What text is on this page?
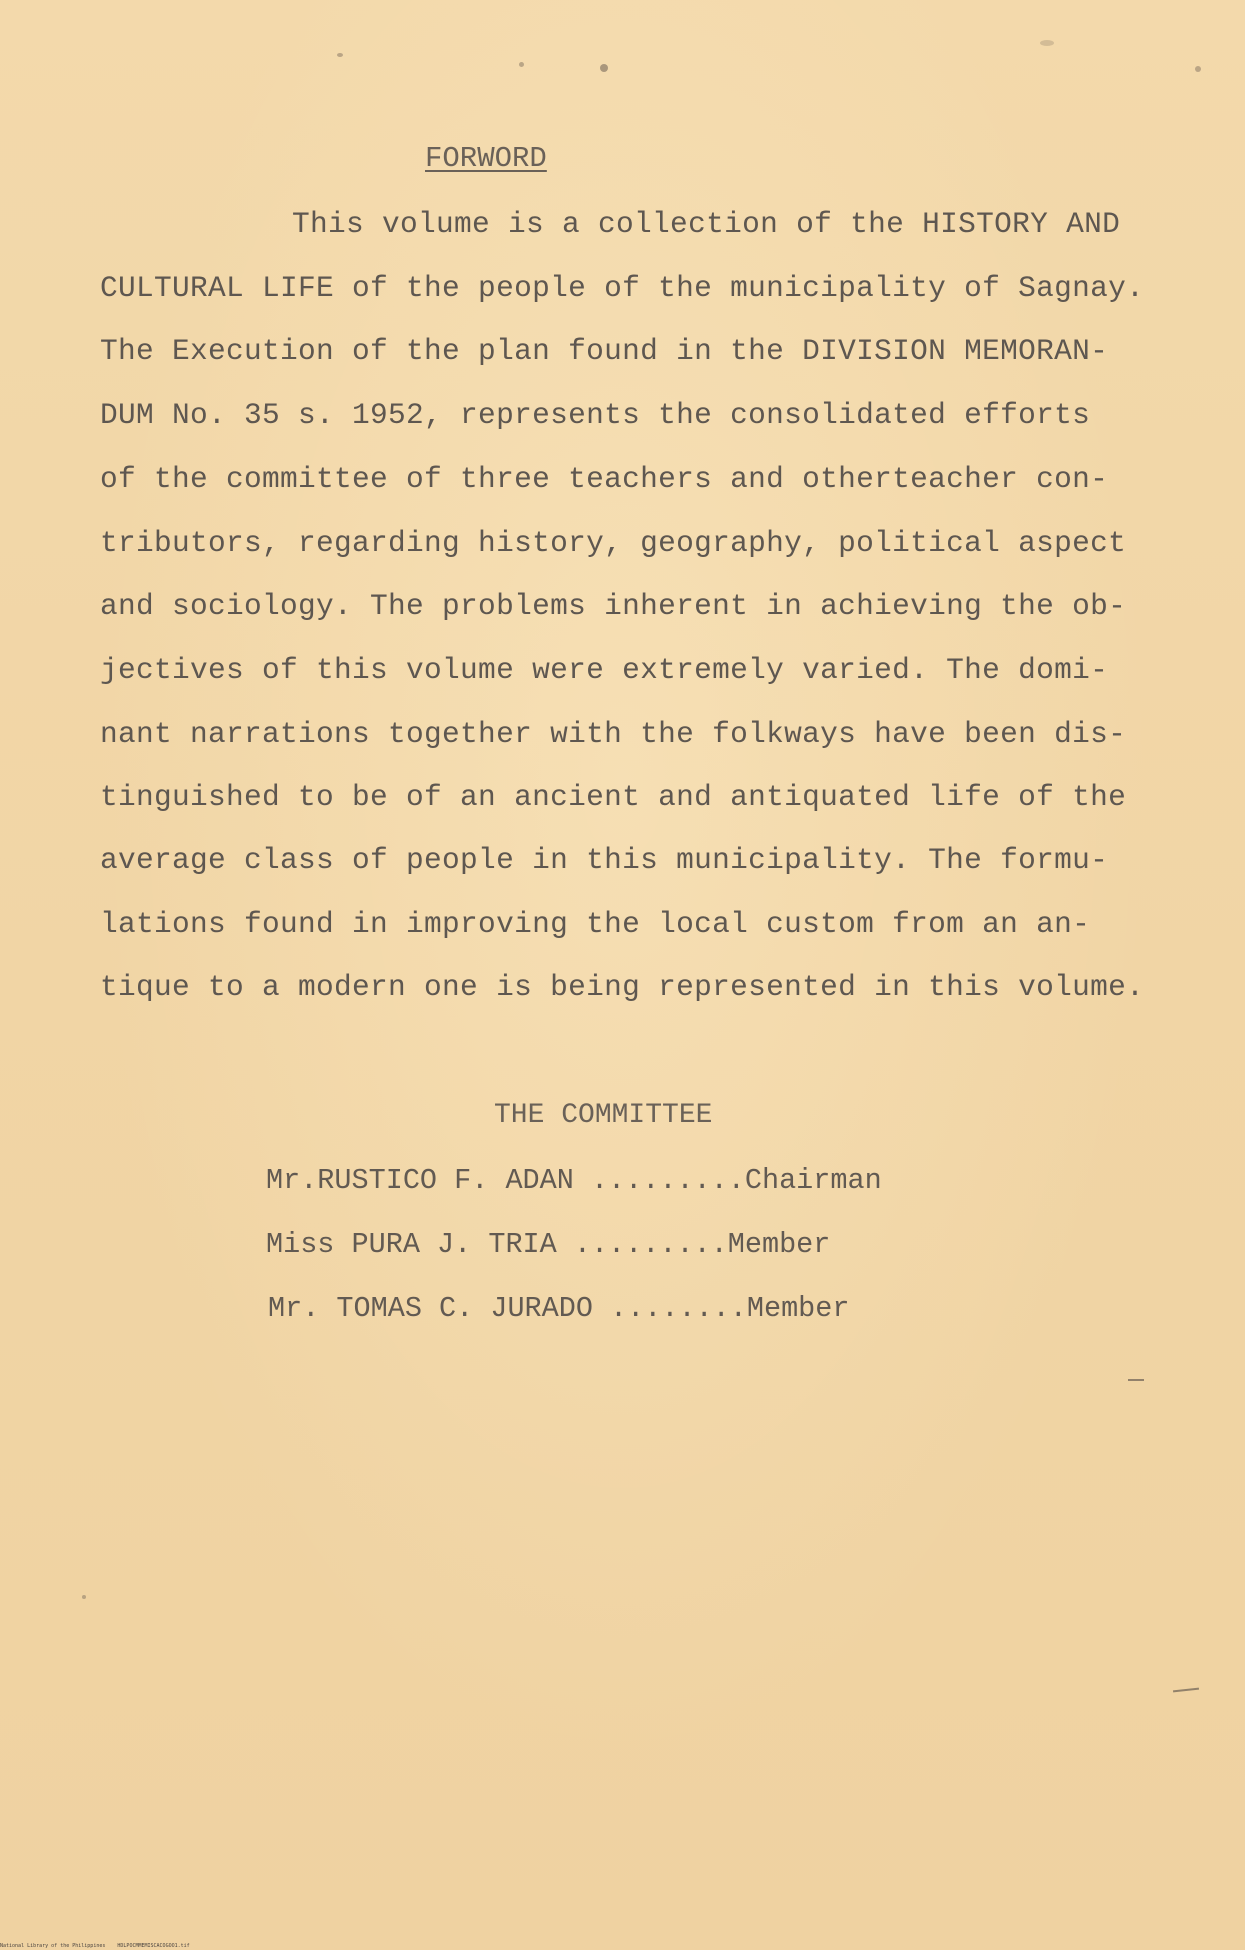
FORWORD
This volume is a collection of the HISTORY AND
CULTURAL LIFE of the people of the municipality of Sagnay.
The Execution of the plan found in the DIVISION MEMORAN-
DUM No. 35 s. 1952, represents the consolidated efforts
of the committee of three teachers and otherteacher con-
tributors, regarding history, geography, political aspect
and sociology. The problems inherent in achieving the ob-
jectives of this volume were extremely varied. The domi-
nant narrations together with the folkways have been dis-
tinguished to be of an ancient and antiquated life of the
average class of people in this municipality. The formu-
lations found in improving the local custom from an an-
tique to a modern one is being represented in this volume.
THE COMMITTEE
Mr.RUSTICO F. ADAN .........Chairman
Miss PURA J. TRIA .........Member
Mr. TOMAS C. JURADO ........Member
National Library of the Philippines    HDLPOCMMEMISCACOGOO1.tif
